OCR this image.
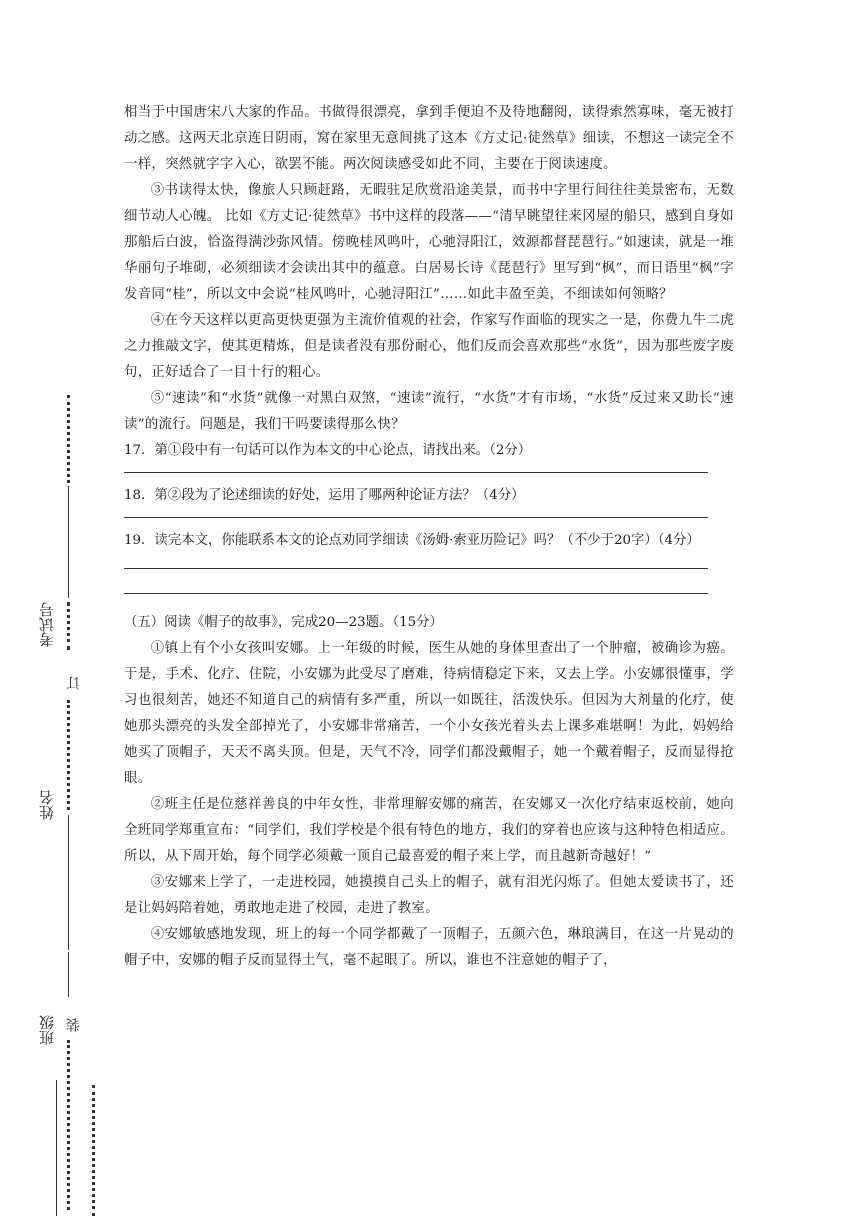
考试号
订
姓名
班级 装

相当于中国唐宋八大家的作品。书做得很漂亮，拿到手便迫不及待地翻阅，读得索然寡味，毫无被打动之感。这两天北京连日阴雨，窝在家里无意间挑了这本《方丈记·徒然草》细读，不想这一读完全不一样，突然就字字入心，欲罢不能。两次阅读感受如此不同，主要在于阅读速度。

③书读得太快，像旅人只顾赶路，无暇驻足欣赏沿途美景，而书中字里行间往往美景密布，无数细节动人心魄。 比如《方丈记·徒然草》书中这样的段落——“清早眺望往来冈屋的船只，感到自身如那船后白波，恰盗得满沙弥风情。傍晚桂风鸣叶，心驰浔阳江，效源都督琵琶行。”如速读，就是一堆华丽句子堆砌，必须细读才会读出其中的蕴意。白居易长诗《琵琶行》里写到“枫”，而日语里“枫”字发音同“桂”，所以文中会说“桂风鸣叶，心驰浔阳江”……如此丰盈至美，不细读如何领略？

④在今天这样以更高更快更强为主流价值观的社会，作家写作面临的现实之一是，你费九牛二虎之力推敲文字，使其更精炼，但是读者没有那份耐心，他们反而会喜欢那些“水货”，因为那些废字废句，正好适合了一目十行的粗心。

⑤“速读”和“水货”就像一对黑白双煞，“速读”流行，“水货”才有市场，“水货”反过来又助长“速读”的流行。问题是，我们干吗要读得那么快？

17．第①段中有一句话可以作为本文的中心论点，请找出来。（2分）

18．第②段为了论述细读的好处，运用了哪两种论证方法？（4分）

19．读完本文，你能联系本文的论点劝同学细读《汤姆·索亚历险记》吗？（不少于20字）（4分）

（五）阅读《帽子的故事》，完成20—23题。（15分）

①镇上有个小女孩叫安娜。上一年级的时候，医生从她的身体里查出了一个肿瘤，被确诊为癌。于是，手术、化疗、住院，小安娜为此受尽了磨难，待病情稳定下来，又去上学。小安娜很懂事，学习也很刻苦，她还不知道自己的病情有多严重，所以一如既往，活泼快乐。但因为大剂量的化疗，使她那头漂亮的头发全部掉光了，小安娜非常痛苦，一个小女孩光着头去上课多难堪啊！为此，妈妈给她买了顶帽子，天天不离头顶。但是，天气不冷，同学们都没戴帽子，她一个戴着帽子，反而显得抢眼。

②班主任是位慈祥善良的中年女性，非常理解安娜的痛苦，在安娜又一次化疗结束返校前，她向全班同学郑重宣布：“同学们，我们学校是个很有特色的地方，我们的穿着也应该与这种特色相适应。所以，从下周开始，每个同学必须戴一顶自己最喜爱的帽子来上学，而且越新奇越好！”

③安娜来上学了，一走进校园，她摸摸自己头上的帽子，就有泪光闪烁了。但她太爱读书了，还是让妈妈陪着她，勇敢地走进了校园，走进了教室。

④安娜敏感地发现，班上的每一个同学都戴了一顶帽子，五颜六色，琳琅满目，在这一片晃动的帽子中，安娜的帽子反而显得土气，毫不起眼了。所以，谁也不注意她的帽子了，
